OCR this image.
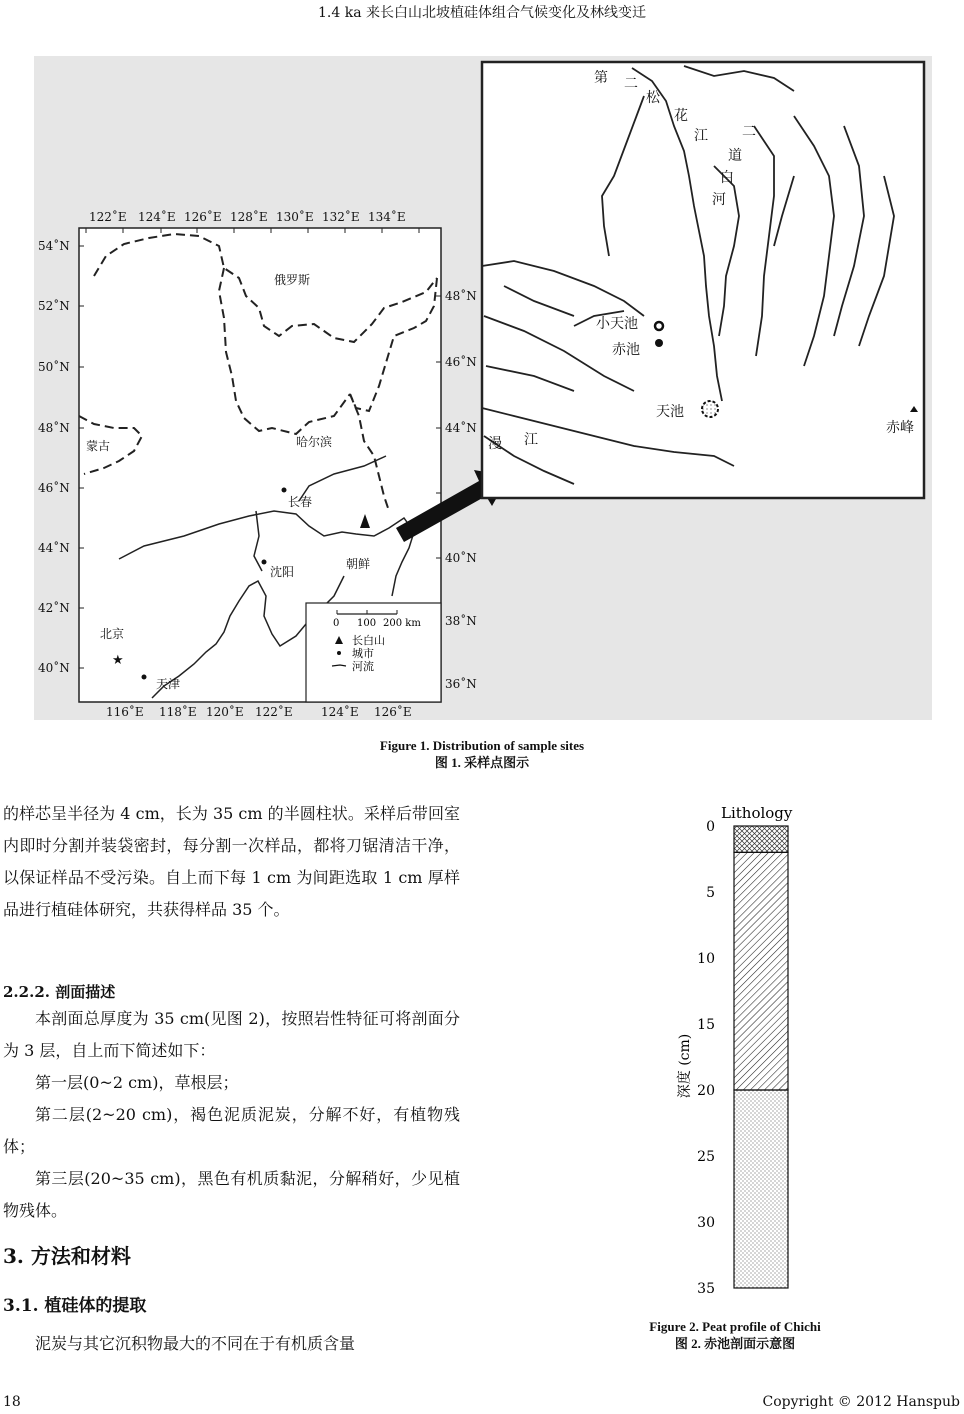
1.4 ka 来长白山北坡植硅体组合气候变化及林线变迁
122˚E 124˚E 126˚E 128˚E 130˚E 132˚E 134˚E
116˚E 118˚E 120˚E 122˚E 124˚E 126˚E
54˚N
52˚N
50˚N
48˚N
46˚N
44˚N
42˚N
40˚N
48˚N
46˚N
44˚N
40˚N
38˚N
36˚N
★
俄罗斯
蒙古	哈尔滨
长春
沈阳
朝鲜
北京
天津
0 100 200 km
长白山
城市
河流
第 二
松
花
江 二
道
白
河
小天池
赤池
天池
漫 江
赤峰
Figure 1. Distribution of sample sites
图 1. 采样点图示

的样芯呈半径为 4 cm，长为 35 cm 的半圆柱状。采样后带回室内即时分割并装袋密封，每分割一次样品，都将刀锯清洁干净，以保证样品不受污染。自上而下每 1 cm 为间距选取 1 cm 厚样品进行植硅体研究，共获得样品 35 个。

2.2.2. 剖面描述

本剖面总厚度为 35 cm(见图 2)，按照岩性特征可将剖面分为 3 层，自上而下简述如下：

第一层(0~2 cm)，草根层；

第二层(2~20 cm)，褐色泥质泥炭，分解不好，有植物残体；

第三层(20~35 cm)，黑色有机质黏泥，分解稍好，少见植物残体。

3. 方法和材料
3.1. 植硅体的提取

泥炭与其它沉积物最大的不同在于有机质含量

Lithology
0
5
10
15
20
25
30
35
深度 (cm)
Figure 2. Peat profile of Chichi
图 2. 赤池剖面示意图
18	Copyright © 2012 Hanspub
